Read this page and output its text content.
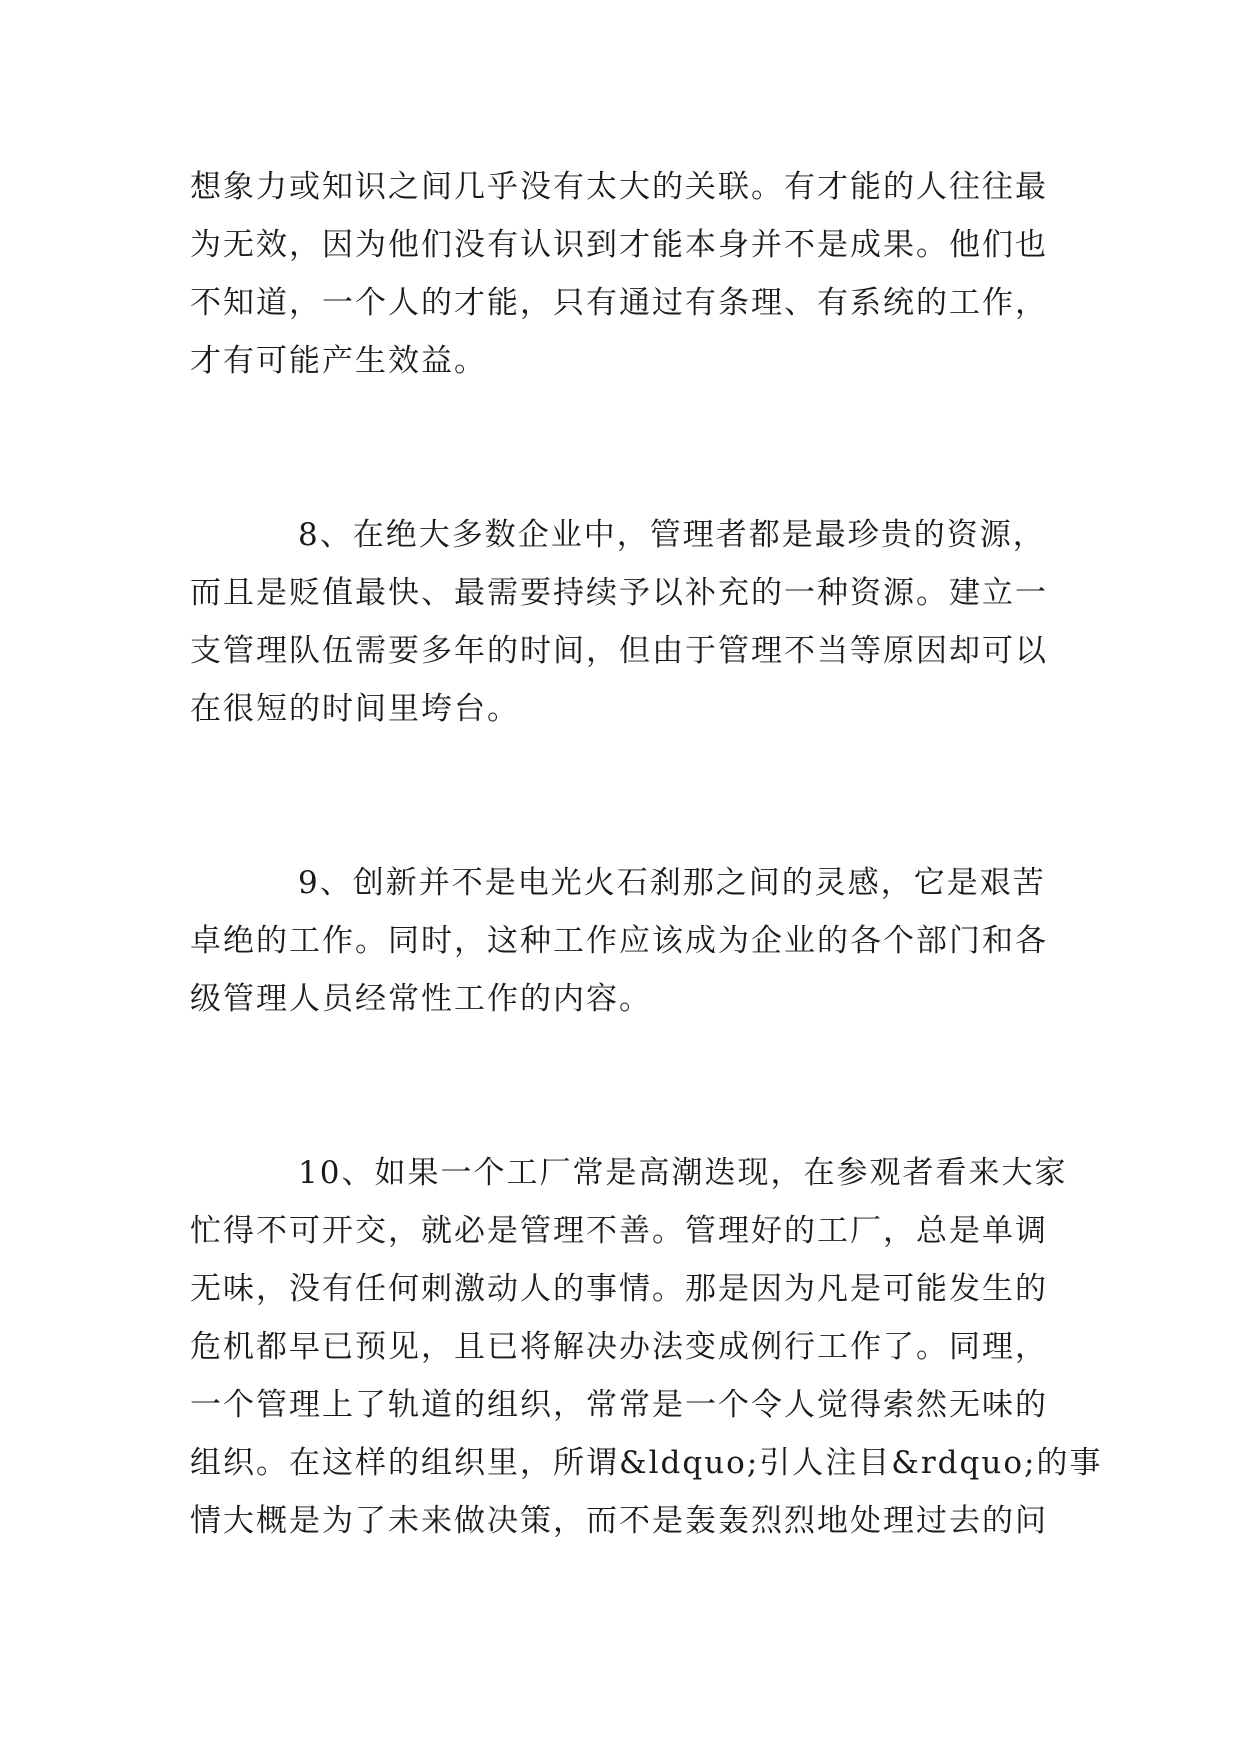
想象力或知识之间几乎没有太大的关联。有才能的人往往最
为无效，因为他们没有认识到才能本身并不是成果。他们也
不知道，一个人的才能，只有通过有条理、有系统的工作，
才有可能产生效益。
8、在绝大多数企业中，管理者都是最珍贵的资源，
而且是贬值最快、最需要持续予以补充的一种资源。建立一
支管理队伍需要多年的时间，但由于管理不当等原因却可以
在很短的时间里垮台。
9、创新并不是电光火石刹那之间的灵感，它是艰苦
卓绝的工作。同时，这种工作应该成为企业的各个部门和各
级管理人员经常性工作的内容。
10、如果一个工厂常是高潮迭现，在参观者看来大家
忙得不可开交，就必是管理不善。管理好的工厂，总是单调
无味，没有任何刺激动人的事情。那是因为凡是可能发生的
危机都早已预见，且已将解决办法变成例行工作了。同理，
一个管理上了轨道的组织，常常是一个令人觉得索然无味的
组织。在这样的组织里，所谓&ldquo;引人注目&rdquo;的事
情大概是为了未来做决策，而不是轰轰烈烈地处理过去的问
